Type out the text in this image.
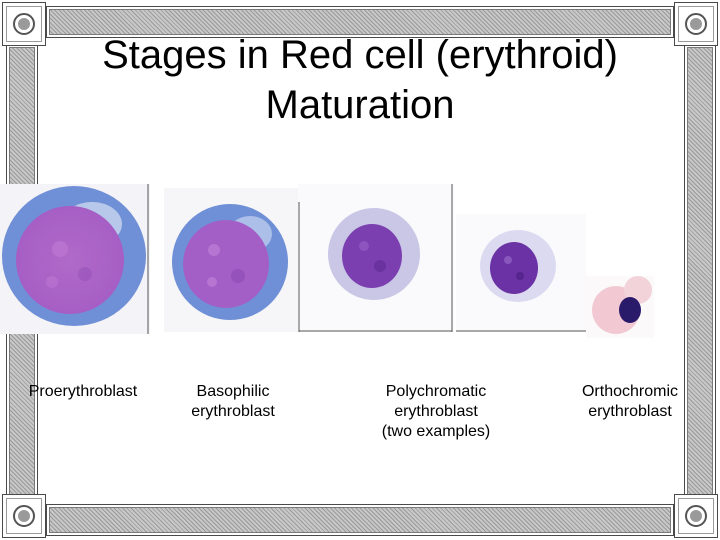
Stages in Red cell (erythroid)
Maturation
Proerythroblast	Basophilic
erythroblast
Polychromatic
erythroblast
(two examples)
Orthochromic
erythroblast
